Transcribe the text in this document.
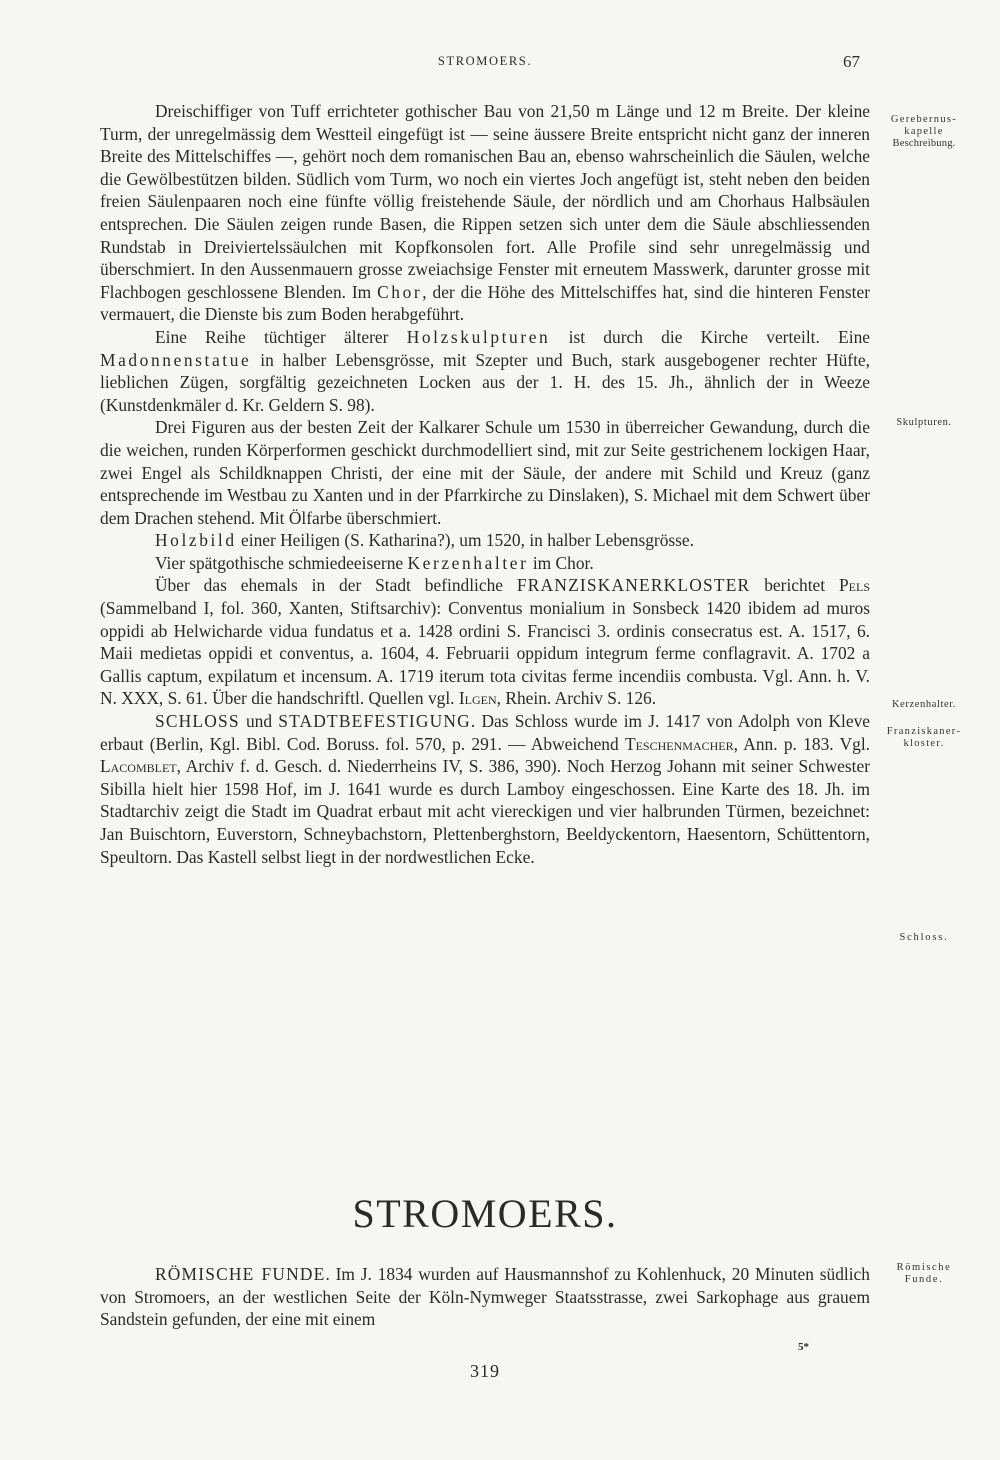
STROMOERS.	67

Dreischiffiger von Tuff errichteter gothischer Bau von 21,50 m Länge und 12 m Breite. Der kleine Turm, der unregelmässig dem Westteil eingefügt ist — seine äussere Breite entspricht nicht ganz der inneren Breite des Mittelschiffes —, gehört noch dem romanischen Bau an, ebenso wahrscheinlich die Säulen, welche die Gewölbestützen bilden. Südlich vom Turm, wo noch ein viertes Joch angefügt ist, steht neben den beiden freien Säulenpaaren noch eine fünfte völlig freistehende Säule, der nördlich und am Chorhaus Halbsäulen entsprechen. Die Säulen zeigen runde Basen, die Rippen setzen sich unter dem die Säule abschliessenden Rundstab in Dreiviertelssäulchen mit Kopfkonsolen fort. Alle Profile sind sehr unregelmässig und überschmiert. In den Aussenmauern grosse zweiachsige Fenster mit erneutem Masswerk, darunter grosse mit Flachbogen geschlossene Blenden. Im Chor, der die Höhe des Mittelschiffes hat, sind die hinteren Fenster vermauert, die Dienste bis zum Boden herabgeführt.

Eine Reihe tüchtiger älterer Holzskulpturen ist durch die Kirche verteilt. Eine Madonnenstatue in halber Lebensgrösse, mit Szepter und Buch, stark ausgebogener rechter Hüfte, lieblichen Zügen, sorgfältig gezeichneten Locken aus der 1. H. des 15. Jh., ähnlich der in Weeze (Kunstdenkmäler d. Kr. Geldern S. 98).

Drei Figuren aus der besten Zeit der Kalkarer Schule um 1530 in überreicher Gewandung, durch die die weichen, runden Körperformen geschickt durchmodelliert sind, mit zur Seite gestrichenem lockigen Haar, zwei Engel als Schildknappen Christi, der eine mit der Säule, der andere mit Schild und Kreuz (ganz entsprechende im Westbau zu Xanten und in der Pfarrkirche zu Dinslaken), S. Michael mit dem Schwert über dem Drachen stehend. Mit Ölfarbe überschmiert.

Holzbild einer Heiligen (S. Katharina?), um 1520, in halber Lebensgrösse.

Vier spätgothische schmiedeeiserne Kerzenhalter im Chor.

Über das ehemals in der Stadt befindliche FRANZISKANERKLOSTER berichtet Pels (Sammelband I, fol. 360, Xanten, Stiftsarchiv): Conventus monialium in Sonsbeck 1420 ibidem ad muros oppidi ab Helwicharde vidua fundatus et a. 1428 ordini S. Francisci 3. ordinis consecratus est. A. 1517, 6. Maii medietas oppidi et conventus, a. 1604, 4. Februarii oppidum integrum ferme conflagravit. A. 1702 a Gallis captum, expilatum et incensum. A. 1719 iterum tota civitas ferme incendiis combusta. Vgl. Ann. h. V. N. XXX, S. 61. Über die handschriftl. Quellen vgl. Ilgen, Rhein. Archiv S. 126.

SCHLOSS und STADTBEFESTIGUNG. Das Schloss wurde im J. 1417 von Adolph von Kleve erbaut (Berlin, Kgl. Bibl. Cod. Boruss. fol. 570, p. 291. — Abweichend Teschenmacher, Ann. p. 183. Vgl. Lacomblet, Archiv f. d. Gesch. d. Niederrheins IV, S. 386, 390). Noch Herzog Johann mit seiner Schwester Sibilla hielt hier 1598 Hof, im J. 1641 wurde es durch Lamboy eingeschossen. Eine Karte des 18. Jh. im Stadtarchiv zeigt die Stadt im Quadrat erbaut mit acht viereckigen und vier halbrunden Türmen, bezeichnet: Jan Buischtorn, Euverstorn, Schneybachstorn, Plettenberghstorn, Beeldyckentorn, Haesentorn, Schüttentorn, Speultorn. Das Kastell selbst liegt in der nordwestlichen Ecke.

STROMOERS.

RÖMISCHE FUNDE. Im J. 1834 wurden auf Hausmannshof zu Kohlenhuck, 20 Minuten südlich von Stromoers, an der westlichen Seite der Köln-Nymweger Staatsstrasse, zwei Sarkophage aus grauem Sandstein gefunden, der eine mit einem

Gerebernus-
kapelle
Beschreibung.
Skulpturen.
Kerzenhalter.
Franziskaner-
kloster.
Schloss.
Römische
Funde.
5*
319
